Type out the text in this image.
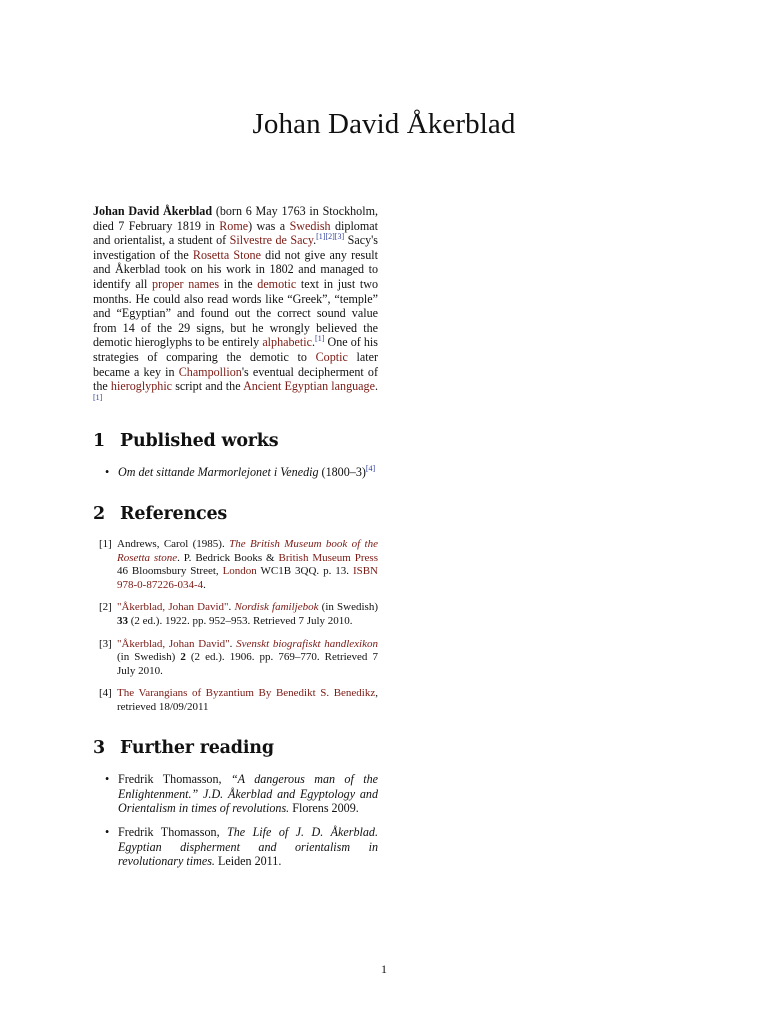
Johan David Åkerblad

Johan David Åkerblad (born 6 May 1763 in Stockholm, died 7 February 1819 in Rome) was a Swedish diplomat and orientalist, a student of Silvestre de Sacy.[1][2][3] Sacy's investigation of the Rosetta Stone did not give any result and Åkerblad took on his work in 1802 and managed to identify all proper names in the demotic text in just two months. He could also read words like “Greek”, “temple” and “Egyptian” and found out the correct sound value from 14 of the 29 signs, but he wrongly believed the demotic hieroglyphs to be entirely alphabetic.[1] One of his strategies of comparing the demotic to Coptic later became a key in Champollion's eventual decipherment of the hieroglyphic script and the Ancient Egyptian language.[1]

1 Published works
• Om det sittande Marmorlejonet i Venedig (1800–3)[4]
2 References
[1] Andrews, Carol (1985). The British Museum book of the Rosetta stone. P. Bedrick Books & British Museum Press 46 Bloomsbury Street, London WC1B 3QQ. p. 13. ISBN 978-0-87226-034-4.
[2] "Åkerblad, Johan David". Nordisk familjebok (in Swedish) 33 (2 ed.). 1922. pp. 952–953. Retrieved 7 July 2010.
[3] "Åkerblad, Johan David". Svenskt biografiskt handlexikon (in Swedish) 2 (2 ed.). 1906. pp. 769–770. Retrieved 7 July 2010.
[4] The Varangians of Byzantium By Benedikt S. Benedikz, retrieved 18/09/2011
3 Further reading
• Fredrik Thomasson, “A dangerous man of the Enlightenment.” J.D. Åkerblad and Egyptology and Orientalism in times of revolutions. Florens 2009.
• Fredrik Thomasson, The Life of J. D. Åkerblad. Egyptian dispherment and orientalism in revolutionary times. Leiden 2011.
1
